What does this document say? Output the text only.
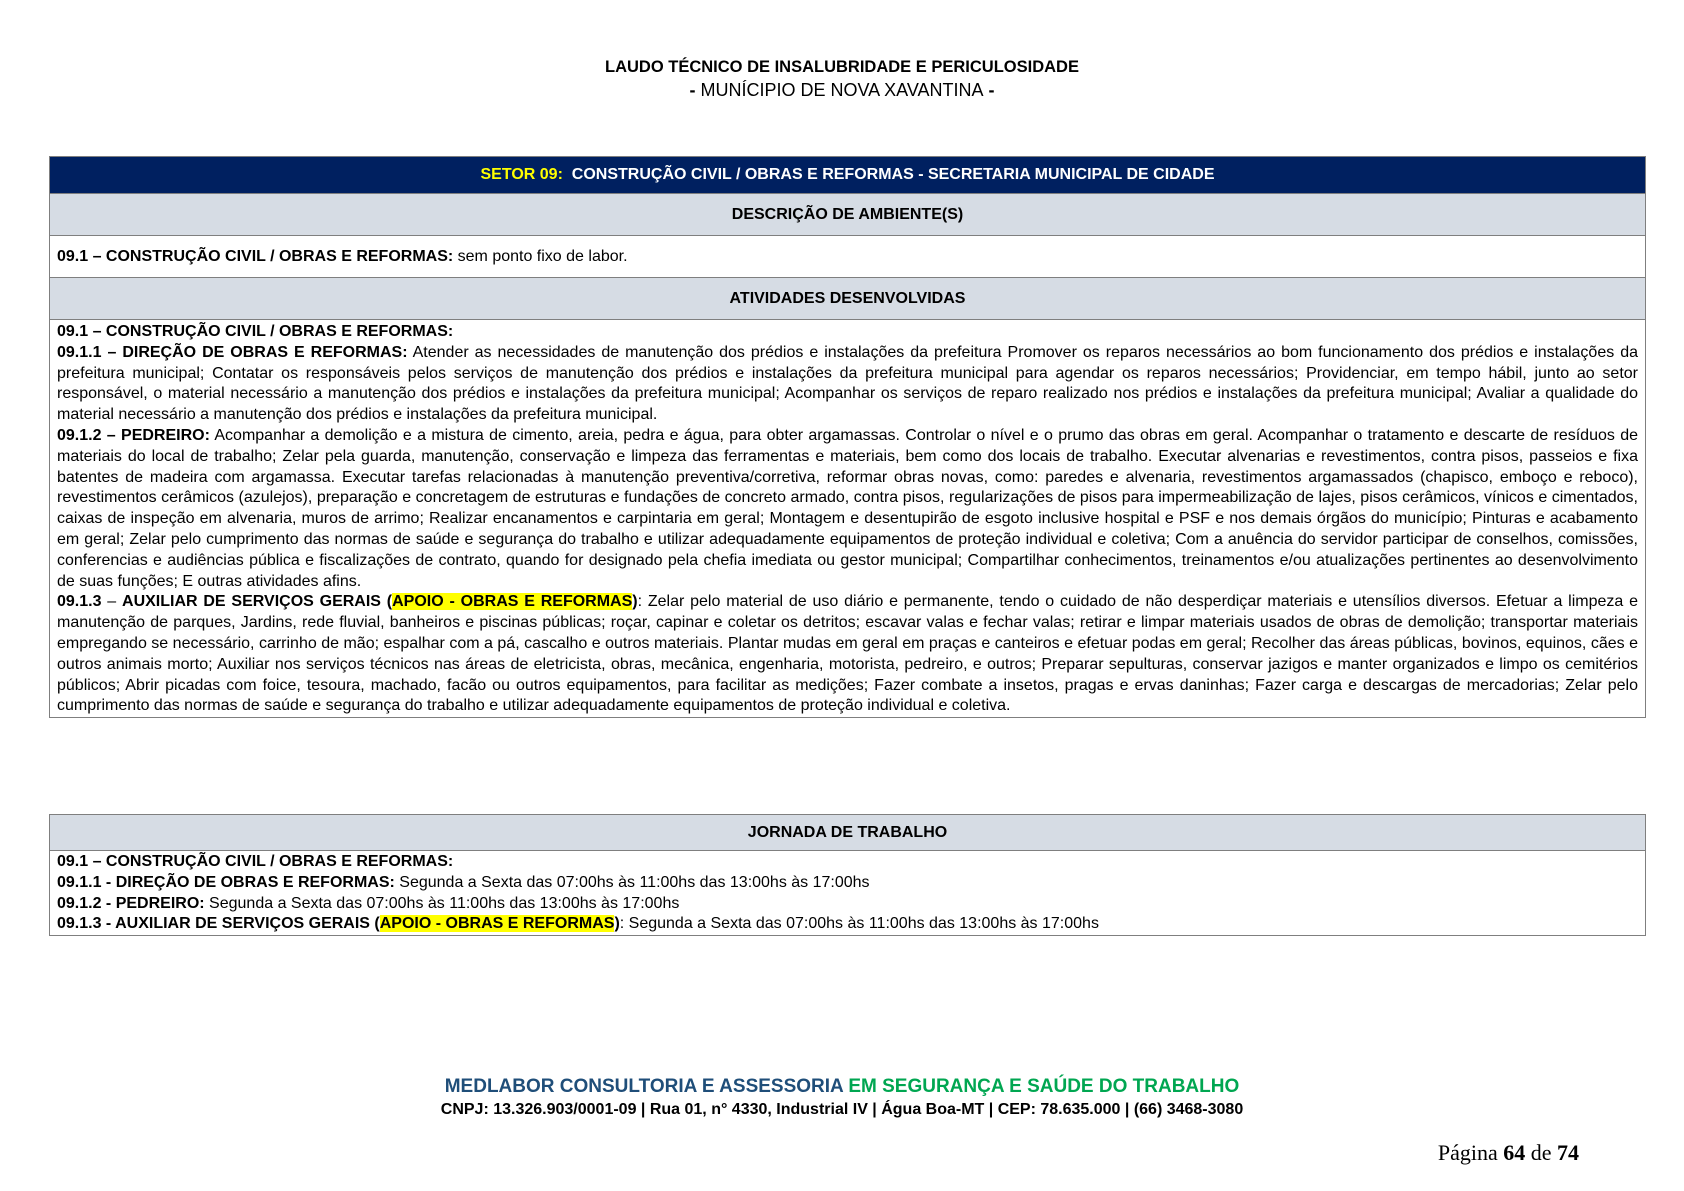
LAUDO TÉCNICO DE INSALUBRIDADE E PERICULOSIDADE
- MUNÍCIPIO DE NOVA XAVANTINA -
SETOR 09: CONSTRUÇÃO CIVIL / OBRAS E REFORMAS - SECRETARIA MUNICIPAL DE CIDADE
DESCRIÇÃO DE AMBIENTE(S)
09.1 – CONSTRUÇÃO CIVIL / OBRAS E REFORMAS: sem ponto fixo de labor.
ATIVIDADES DESENVOLVIDAS

09.1 – CONSTRUÇÃO CIVIL / OBRAS E REFORMAS:

09.1.1 – DIREÇÃO DE OBRAS E REFORMAS: Atender as necessidades de manutenção dos prédios e instalações da prefeitura Promover os reparos necessários ao bom funcionamento dos prédios e instalações da prefeitura municipal; Contatar os responsáveis pelos serviços de manutenção dos prédios e instalações da prefeitura municipal para agendar os reparos necessários; Providenciar, em tempo hábil, junto ao setor responsável, o material necessário a manutenção dos prédios e instalações da prefeitura municipal; Acompanhar os serviços de reparo realizado nos prédios e instalações da prefeitura municipal; Avaliar a qualidade do material necessário a manutenção dos prédios e instalações da prefeitura municipal.

09.1.2 – PEDREIRO: Acompanhar a demolição e a mistura de cimento, areia, pedra e água, para obter argamassas. Controlar o nível e o prumo das obras em geral. Acompanhar o tratamento e descarte de resíduos de materiais do local de trabalho; Zelar pela guarda, manutenção, conservação e limpeza das ferramentas e materiais, bem como dos locais de trabalho. Executar alvenarias e revestimentos, contra pisos, passeios e fixa batentes de madeira com argamassa. Executar tarefas relacionadas à manutenção preventiva/corretiva, reformar obras novas, como: paredes e alvenaria, revestimentos argamassados (chapisco, emboço e reboco), revestimentos cerâmicos (azulejos), preparação e concretagem de estruturas e fundações de concreto armado, contra pisos, regularizações de pisos para impermeabilização de lajes, pisos cerâmicos, vínicos e cimentados, caixas de inspeção em alvenaria, muros de arrimo; Realizar encanamentos e carpintaria em geral; Montagem e desentupirão de esgoto inclusive hospital e PSF e nos demais órgãos do município; Pinturas e acabamento em geral; Zelar pelo cumprimento das normas de saúde e segurança do trabalho e utilizar adequadamente equipamentos de proteção individual e coletiva; Com a anuência do servidor participar de conselhos, comissões, conferencias e audiências pública e fiscalizações de contrato, quando for designado pela chefia imediata ou gestor municipal; Compartilhar conhecimentos, treinamentos e/ou atualizações pertinentes ao desenvolvimento de suas funções; E outras atividades afins.

09.1.3 – AUXILIAR DE SERVIÇOS GERAIS (APOIO - OBRAS E REFORMAS): Zelar pelo material de uso diário e permanente, tendo o cuidado de não desperdiçar materiais e utensílios diversos. Efetuar a limpeza e manutenção de parques, Jardins, rede fluvial, banheiros e piscinas públicas; roçar, capinar e coletar os detritos; escavar valas e fechar valas; retirar e limpar materiais usados de obras de demolição; transportar materiais empregando se necessário, carrinho de mão; espalhar com a pá, cascalho e outros materiais. Plantar mudas em geral em praças e canteiros e efetuar podas em geral; Recolher das áreas públicas, bovinos, equinos, cães e outros animais morto; Auxiliar nos serviços técnicos nas áreas de eletricista, obras, mecânica, engenharia, motorista, pedreiro, e outros; Preparar sepulturas, conservar jazigos e manter organizados e limpo os cemitérios públicos; Abrir picadas com foice, tesoura, machado, facão ou outros equipamentos, para facilitar as medições; Fazer combate a insetos, pragas e ervas daninhas; Fazer carga e descargas de mercadorias; Zelar pelo cumprimento das normas de saúde e segurança do trabalho e utilizar adequadamente equipamentos de proteção individual e coletiva.

JORNADA DE TRABALHO

09.1 – CONSTRUÇÃO CIVIL / OBRAS E REFORMAS:

09.1.1 - DIREÇÃO DE OBRAS E REFORMAS: Segunda a Sexta das 07:00hs às 11:00hs das 13:00hs às 17:00hs

09.1.2 - PEDREIRO: Segunda a Sexta das 07:00hs às 11:00hs das 13:00hs às 17:00hs

09.1.3 - AUXILIAR DE SERVIÇOS GERAIS (APOIO - OBRAS E REFORMAS): Segunda a Sexta das 07:00hs às 11:00hs das 13:00hs às 17:00hs

MEDLABOR CONSULTORIA E ASSESSORIA EM SEGURANÇA E SAÚDE DO TRABALHO
CNPJ: 13.326.903/0001-09 | Rua 01, n° 4330, Industrial IV | Água Boa-MT | CEP: 78.635.000 | (66) 3468-3080
Página 64 de 74
